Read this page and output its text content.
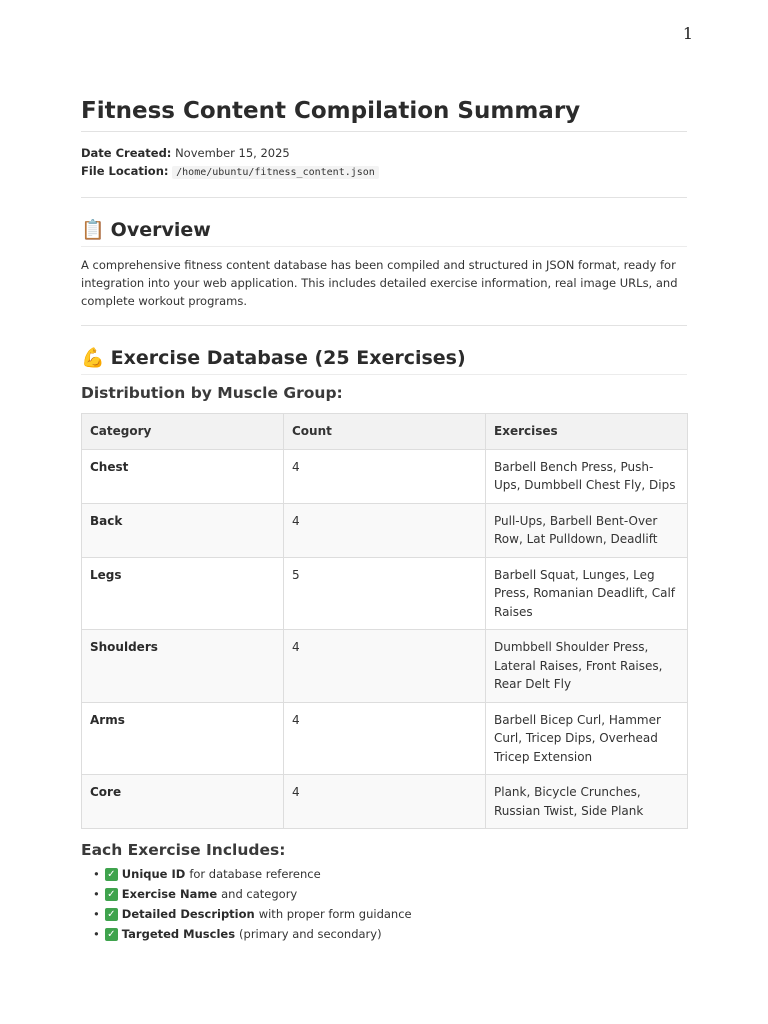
1
Fitness Content Compilation Summary
Date Created: November 15, 2025
File Location: /home/ubuntu/fitness_content.json
📋 Overview

A comprehensive fitness content database has been compiled and structured in JSON format, ready for integration into your web application. This includes detailed exercise information, real image URLs, and complete workout programs.

💪 Exercise Database (25 Exercises)
Distribution by Muscle Group:
Category	Count	Exercises
Chest	4	Barbell Bench Press, Push-Ups, Dumbbell Chest Fly, Dips
Back	4	Pull-Ups, Barbell Bent-Over Row, Lat Pulldown, Deadlift
Legs	5	Barbell Squat, Lunges, Leg Press, Romanian Deadlift, Calf Raises
Shoulders	4	Dumbbell Shoulder Press, Lateral Raises, Front Raises, Rear Delt Fly
Arms	4	Barbell Bicep Curl, Hammer Curl, Tricep Dips, Overhead Tricep Extension
Core	4	Plank, Bicycle Crunches, Russian Twist, Side Plank
Each Exercise Includes:
• ✓ Unique ID for database reference
• ✓ Exercise Name and category
• ✓ Detailed Description with proper form guidance
• ✓ Targeted Muscles (primary and secondary)
